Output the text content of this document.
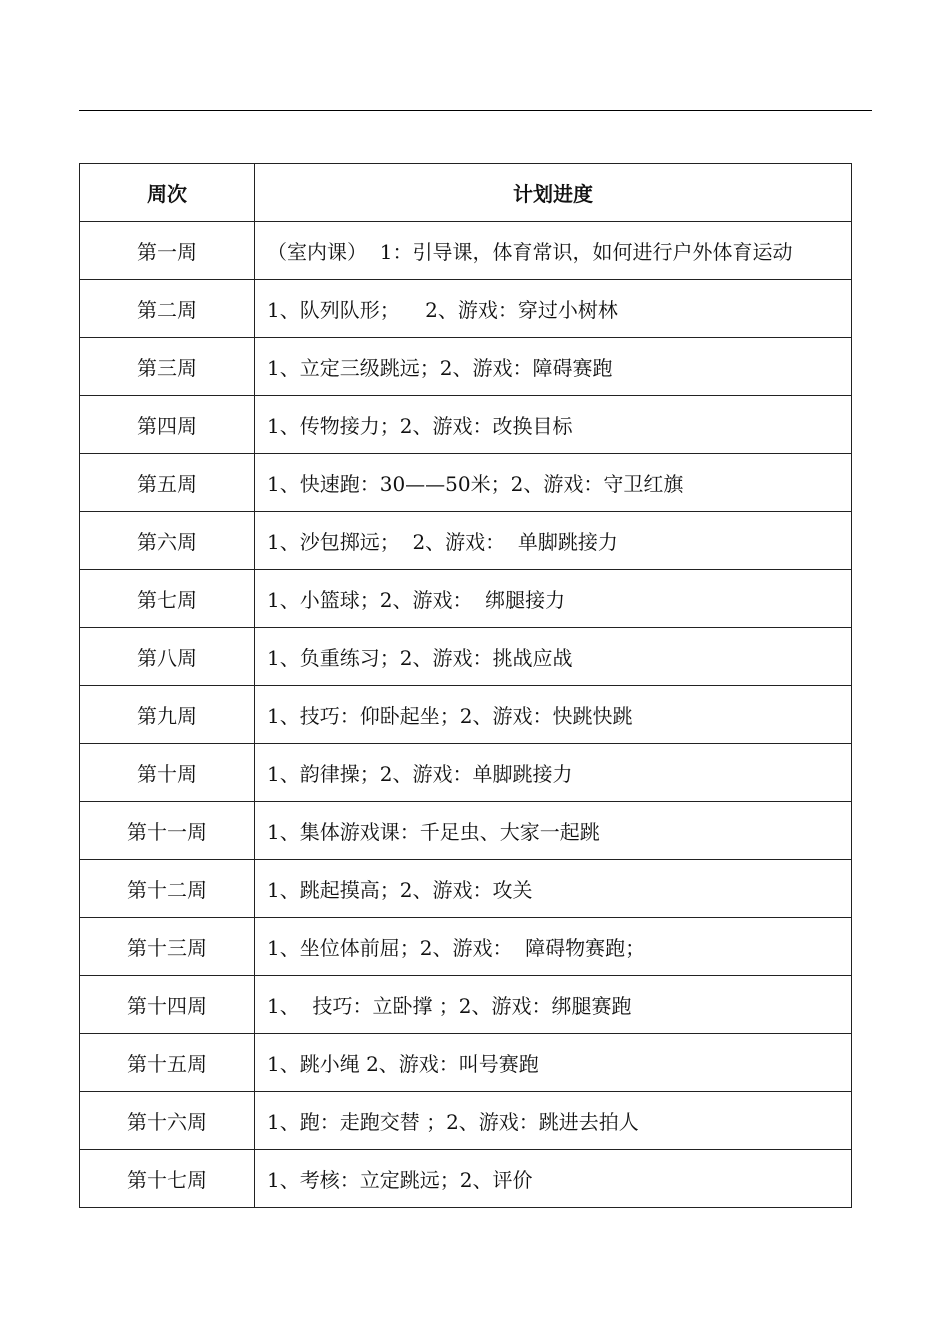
周次	计划进度
第一周	（室内课）  1：引导课，体育常识，如何进行户外体育运动
第二周	1、队列队形；    2、游戏：穿过小树林
第三周	1、立定三级跳远；2、游戏：障碍赛跑
第四周	1、传物接力；2、游戏：改换目标
第五周	1、快速跑：30——50米；2、游戏：守卫红旗
第六周	1、沙包掷远；  2、游戏：  单脚跳接力
第七周	1、小篮球；2、游戏：  绑腿接力
第八周	1、负重练习；2、游戏：挑战应战
第九周	1、技巧：仰卧起坐；2、游戏：快跳快跳
第十周	1、韵律操；2、游戏：单脚跳接力
第十一周	1、集体游戏课：千足虫、大家一起跳
第十二周	1、跳起摸高；2、游戏：攻关
第十三周	1、坐位体前屈；2、游戏：  障碍物赛跑；
第十四周	1、  技巧：立卧撑 ；2、游戏：绑腿赛跑
第十五周	1、跳小绳 2、游戏：叫号赛跑
第十六周	1、跑：走跑交替 ；2、游戏：跳进去拍人
第十七周	1、考核：立定跳远；2、评价
